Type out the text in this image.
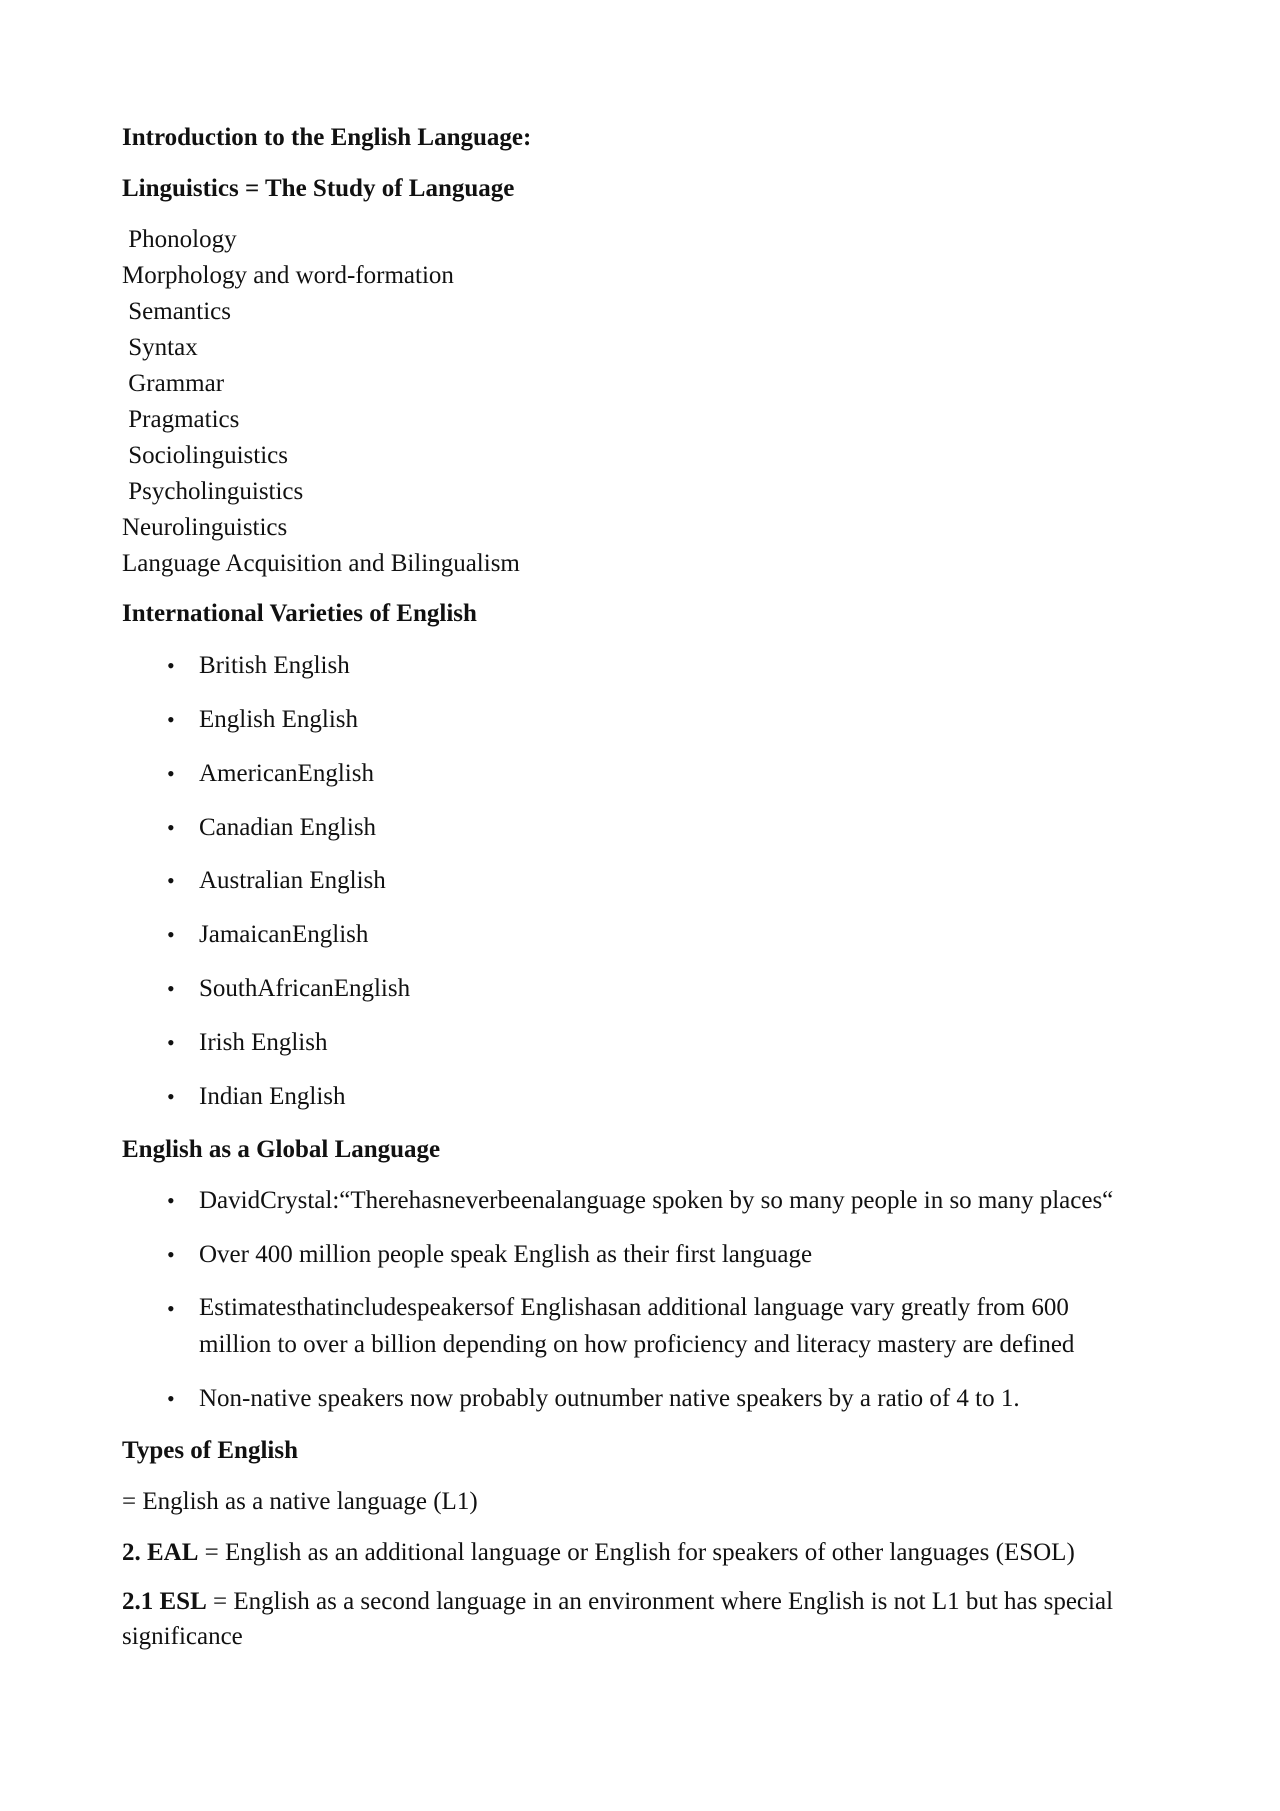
Introduction to the English Language:
Linguistics = The Study of Language
Phonology
Morphology and word-formation
Semantics
Syntax
Grammar
Pragmatics
Sociolinguistics
Psycholinguistics
Neurolinguistics
Language Acquisition and Bilingualism
International Varieties of English
• British English
• English English
• AmericanEnglish
• Canadian English
• Australian English
• JamaicanEnglish
• SouthAfricanEnglish
• Irish English
• Indian English
English as a Global Language
• DavidCrystal:“Therehasneverbeenalanguage spoken by so many people in so many places“
• Over 400 million people speak English as their first language
• Estimatesthatincludespeakersof Englishasan additional language vary greatly from 600 million to over a billion depending on how proficiency and literacy mastery are defined
• Non-native speakers now probably outnumber native speakers by a ratio of 4 to 1.
Types of English
= English as a native language (L1)
2. EAL = English as an additional language or English for speakers of other languages (ESOL)
2.1 ESL = English as a second language in an environment where English is not L1 but has special significance
